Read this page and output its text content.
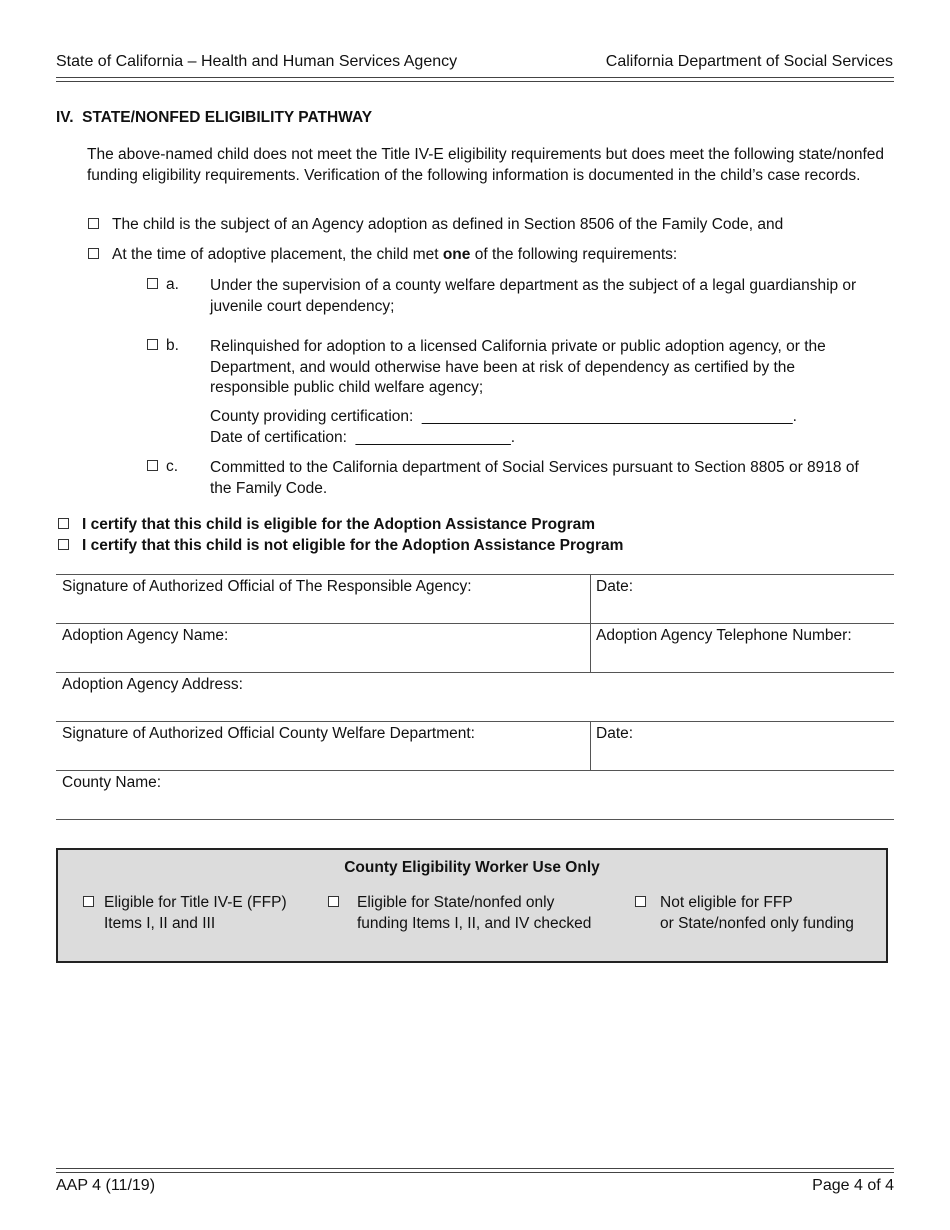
State of California – Health and Human Services Agency	California Department of Social Services
IV.  STATE/NONFED ELIGIBILITY PATHWAY
The above-named child does not meet the Title IV-E eligibility requirements but does meet the following state/nonfed funding eligibility requirements. Verification of the following information is documented in the child’s case records.
The child is the subject of an Agency adoption as defined in Section 8506 of the Family Code, and
At the time of adoptive placement, the child met one of the following requirements:
a. Under the supervision of a county welfare department as the subject of a legal guardianship or juvenile court dependency;
b. Relinquished for adoption to a licensed California private or public adoption agency, or the Department, and would otherwise have been at risk of dependency as certified by the responsible public child welfare agency;
County providing certification:  ___________________________________________.
Date of certification:  __________________.
c. Committed to the California department of Social Services pursuant to Section 8805 or 8918 of the Family Code.
I certify that this child is eligible for the Adoption Assistance Program
I certify that this child is not eligible for the Adoption Assistance Program
Signature of Authorized Official of The Responsible Agency:	Date:
Adoption Agency Name:	Adoption Agency Telephone Number:
Adoption Agency Address:
Signature of Authorized Official County Welfare Department:	Date:
County Name:
County Eligibility Worker Use Only
Eligible for Title IV-E (FFP)
Items I, II and III
Eligible for State/nonfed only
funding Items I, II, and IV checked
Not eligible for FFP
or State/nonfed only funding
AAP 4 (11/19)	Page 4 of 4
